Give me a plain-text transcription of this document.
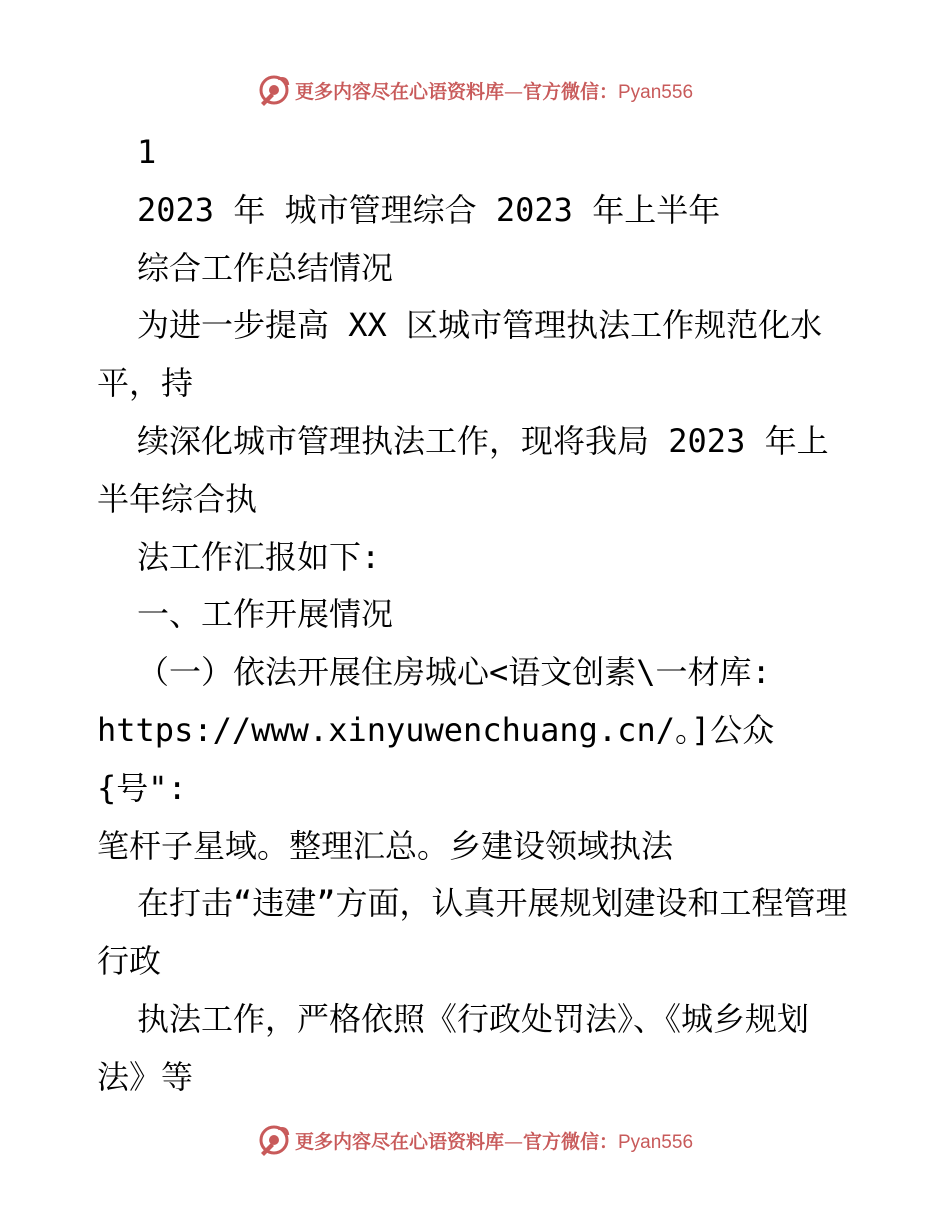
更多内容尽在心语资料库—官方微信：Pyan556

1

2023 年 城市管理综合 2023 年上半年

综合工作总结情况

为进一步提高 XX 区城市管理执法工作规范化水平，持

续深化城市管理执法工作，现将我局 2023 年上半年综合执

法工作汇报如下:

一、工作开展情况

（一）依法开展住房城心<语文创素\一材库:

https://www.xinyuwenchuang.cn/。]公众{号":

笔杆子星域。整理汇总。乡建设领域执法

在打击“违建”方面，认真开展规划建设和工程管理行政

执法工作，严格依照《行政处罚法》、《城乡规划法》等

更多内容尽在心语资料库—官方微信：Pyan556
